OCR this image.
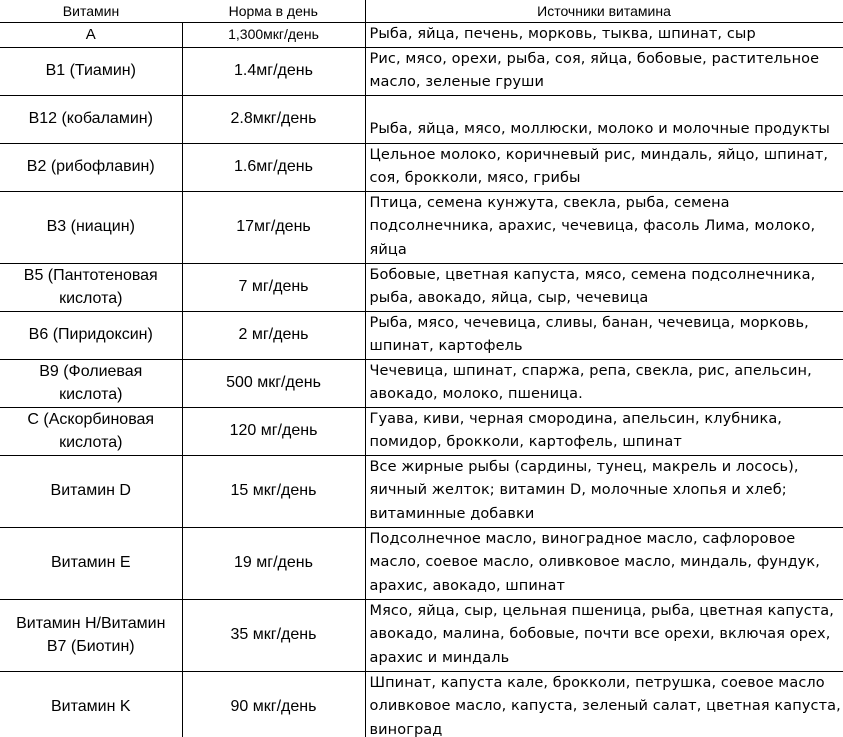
Витамин	Норма в день	Источники витамина
A	1,300мкг/день	Рыба, яйца, печень, морковь, тыква, шпинат, сыр

B1 (Тиамин)	1.4мг/день	Рис, мясо, орехи, рыба, соя, яйца, бобовые, растительное
масло, зеленые груши

B12 (кобаламин)	2.8мкг/день	Рыба, яйца, мясо, моллюски, молоко и молочные продукты

B2 (рибофлавин)	1.6мг/день	Цельное молоко, коричневый рис, миндаль, яйцо, шпинат,
соя, брокколи, мясо, грибы

B3 (ниацин)	17мг/день	Птица, семена кунжута, свекла, рыба, семена
подсолнечника, арахис, чечевица, фасоль Лима, молоко,
яйца

B5 (Пантотеновая
кислота)	7 мг/день	Бобовые, цветная капуста, мясо, семена подсолнечника,
рыба, авокадо, яйца, сыр, чечевица

B6 (Пиридоксин)	2 мг/день	Рыба, мясо, чечевица, сливы, банан, чечевица, морковь,
шпинат, картофель

B9 (Фолиевая
кислота)	500 мкг/день	Чечевица, шпинат, спаржа, репа, свекла, рис, апельсин,
авокадо, молоко, пшеница.

C (Аскорбиновая
кислота)	120 мг/день	Гуава, киви, черная смородина, апельсин, клубника,
помидор, брокколи, картофель, шпинат

Витамин D	15 мкг/день	Все жирные рыбы (сардины, тунец, макрель и лосось),
яичный желток; витамин D, молочные хлопья и хлеб;
витаминные добавки

Витамин E	19 мг/день	Подсолнечное масло, виноградное масло, сафлоровое
масло, соевое масло, оливковое масло, миндаль, фундук,
арахис, авокадо, шпинат

Витамин H/Витамин
B7 (Биотин)	35 мкг/день	Мясо, яйца, сыр, цельная пшеница, рыба, цветная капуста,
авокадо, малина, бобовые, почти все орехи, включая орех,
арахис и миндаль

Витамин K	90 мкг/день	Шпинат, капуста кале, брокколи, петрушка, соевое масло
оливковое масло, капуста, зеленый салат, цветная капуста,
виноград
